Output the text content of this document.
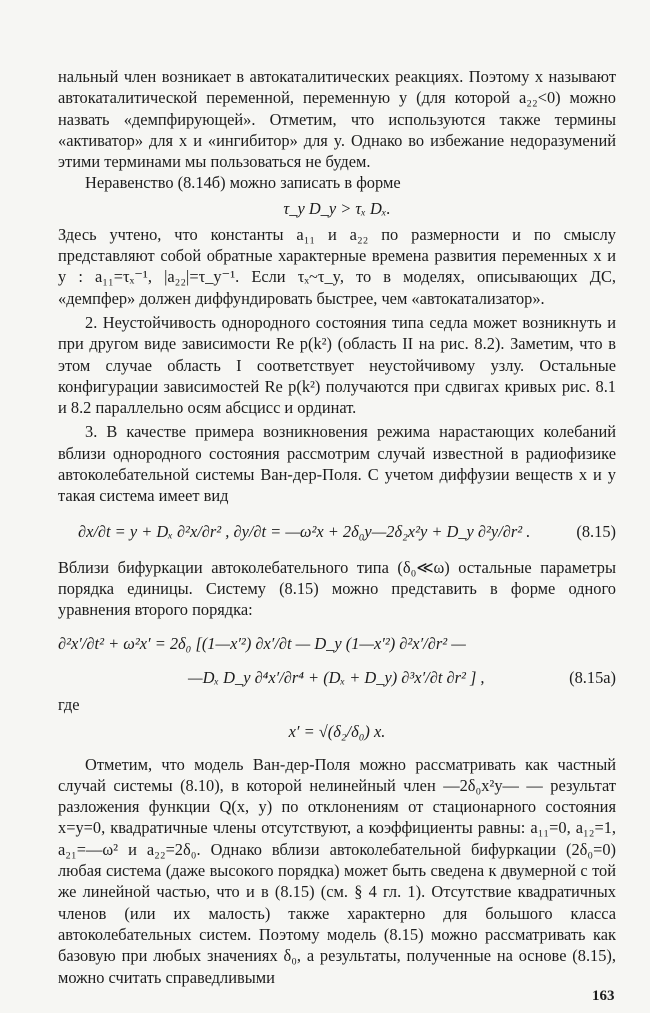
нальный член возникает в автокаталитических реакциях. Поэтому x называют автокаталитической переменной, переменную y (для которой a₂₂<0) можно назвать «демпфирующей». Отметим, что используются также термины «активатор» для x и «ингибитор» для y. Однако во избежание недоразумений этими терминами мы пользоваться не будем.

Неравенство (8.14б) можно записать в форме

τ_y D_y > τₓ Dₓ.

Здесь учтено, что константы a₁₁ и a₂₂ по размерности и по смыслу представляют собой обратные характерные времена развития переменных x и y : a₁₁=τₓ⁻¹, |a₂₂|=τ_y⁻¹. Если τₓ~τ_y, то в моделях, описывающих ДС, «демпфер» должен диффундировать быстрее, чем «автокатализатор».

2. Неустойчивость однородного состояния типа седла может возникнуть и при другом виде зависимости Re p(k²) (область II на рис. 8.2). Заметим, что в этом случае область I соответствует неустойчивому узлу. Остальные конфигурации зависимостей Re p(k²) получаются при сдвигах кривых рис. 8.1 и 8.2 параллельно осям абсцисс и ординат.

3. В качестве примера возникновения режима нарастающих колебаний вблизи однородного состояния рассмотрим случай известной в радиофизике автоколебательной системы Ван-дер-Поля. С учетом диффузии веществ x и y такая система имеет вид

∂x/∂t = y + Dₓ ∂²x/∂r² , ∂y/∂t = —ω²x + 2δ₀y—2δ₂x²y + D_y ∂²y/∂r² .	(8.15)

Вблизи бифуркации автоколебательного типа (δ₀≪ω) остальные параметры порядка единицы. Систему (8.15) можно представить в форме одного уравнения второго порядка:

∂²x′/∂t² + ω²x′ = 2δ₀ [(1—x′²) ∂x′/∂t — D_y (1—x′²) ∂²x′/∂r² —
—Dₓ D_y ∂⁴x′/∂r⁴ + (Dₓ + D_y) ∂³x′/∂t ∂r² ] ,	(8.15а)
где
x′ = √(δ₂/δ₀) x.

Отметим, что модель Ван-дер-Поля можно рассматривать как частный случай системы (8.10), в которой нелинейный член —2δ₀x²y— — результат разложения функции Q(x, y) по отклонениям от стационарного состояния x=y=0, квадратичные члены отсутствуют, а коэффициенты равны: a₁₁=0, a₁₂=1, a₂₁=—ω² и a₂₂=2δ₀. Однако вблизи автоколебательной бифуркации (2δ₀=0) любая система (даже высокого порядка) может быть сведена к двумерной с той же линейной частью, что и в (8.15) (см. § 4 гл. 1). Отсутствие квадратичных членов (или их малость) также характерно для большого класса автоколебательных систем. Поэтому модель (8.15) можно рассматривать как базовую при любых значениях δ₀, а результаты, полученные на основе (8.15), можно считать справедливыми

163
